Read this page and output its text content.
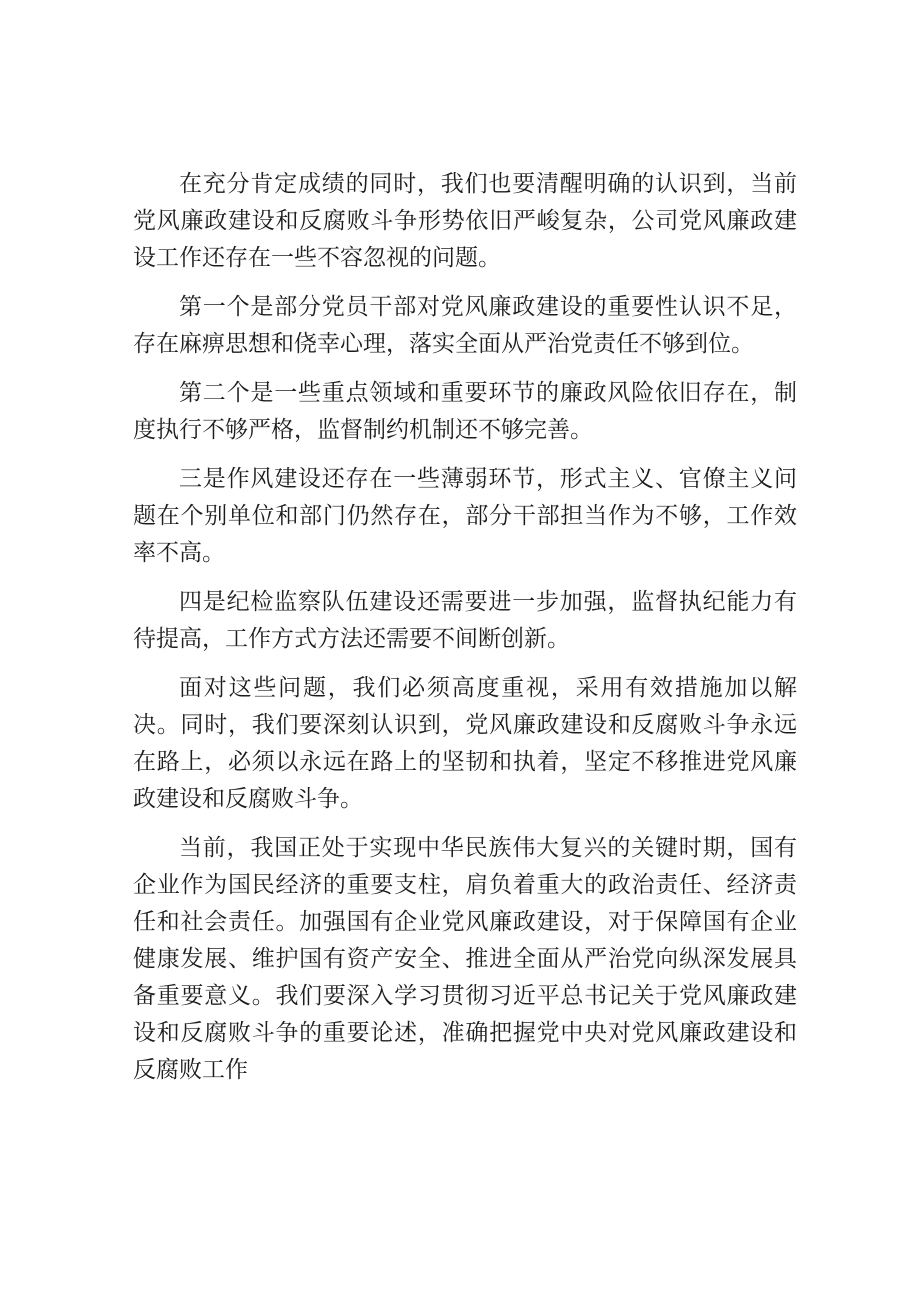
在充分肯定成绩的同时，我们也要清醒明确的认识到，当前党风廉政建设和反腐败斗争形势依旧严峻复杂，公司党风廉政建设工作还存在一些不容忽视的问题。

第一个是部分党员干部对党风廉政建设的重要性认识不足，存在麻痹思想和侥幸心理，落实全面从严治党责任不够到位。

第二个是一些重点领域和重要环节的廉政风险依旧存在，制度执行不够严格，监督制约机制还不够完善。

三是作风建设还存在一些薄弱环节，形式主义、官僚主义问题在个别单位和部门仍然存在，部分干部担当作为不够，工作效率不高。

四是纪检监察队伍建设还需要进一步加强，监督执纪能力有待提高，工作方式方法还需要不间断创新。

面对这些问题，我们必须高度重视，采用有效措施加以解决。同时，我们要深刻认识到，党风廉政建设和反腐败斗争永远在路上，必须以永远在路上的坚韧和执着，坚定不移推进党风廉政建设和反腐败斗争。

当前，我国正处于实现中华民族伟大复兴的关键时期，国有企业作为国民经济的重要支柱，肩负着重大的政治责任、经济责任和社会责任。加强国有企业党风廉政建设，对于保障国有企业健康发展、维护国有资产安全、推进全面从严治党向纵深发展具备重要意义。我们要深入学习贯彻习近平总书记关于党风廉政建设和反腐败斗争的重要论述，准确把握党中央对党风廉政建设和反腐败工作
